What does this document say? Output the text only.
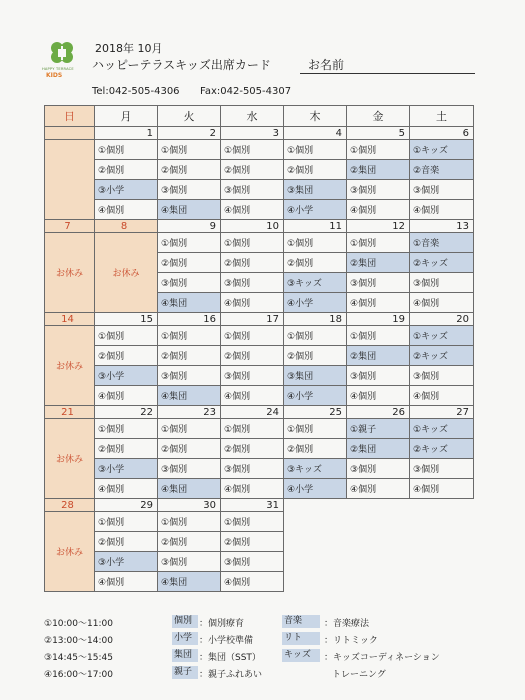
HAPPY TERRACE
KIDS
2018年 10月
ハッピーテラスキッズ出席カード	お名前
Tel:042-505-4306 Fax:042-505-4307
日	月	火	水	木	金	土
	1	2	3	4	5	6
	①個別	①個別	①個別	①個別	①個別	①キッズ
	②個別	②個別	②個別	②個別	②集団	②音楽
	③小学	③個別	③個別	③集団	③個別	③個別
	④個別	④集団	④個別	④小学	④個別	④個別
7	8	9	10	11	12	13
お休み	お休み	①個別	①個別	①個別	①個別	①音楽
		②個別	②個別	②個別	②集団	②キッズ
		③個別	③個別	③キッズ	③個別	③個別
		④集団	④個別	④小学	④個別	④個別
14	15	16	17	18	19	20
お休み	①個別	①個別	①個別	①個別	①個別	①キッズ
	②個別	②個別	②個別	②個別	②集団	②キッズ
	③小学	③個別	③個別	③集団	③個別	③個別
	④個別	④集団	④個別	④小学	④個別	④個別
21	22	23	24	25	26	27
お休み	①個別	①個別	①個別	①個別	①親子	①キッズ
	②個別	②個別	②個別	②個別	②集団	②キッズ
	③小学	③個別	③個別	③キッズ	③個別	③個別
	④個別	④集団	④個別	④小学	④個別	④個別
28	29	30	31			
お休み	①個別	①個別	①個別			
	②個別	②個別	②個別			
	③小学	③個別	③個別			
	④個別	④集団	④個別			
①10:00～11:00
②13:00～14:00
③14:45～15:45
④16:00～17:00
個別 ：個別療育
小学 ：小学校準備
集団 ：集団（SST）
親子 ：親子ふれあい
音楽	：音楽療法
リト	：リトミック
キッズ	：キッズコーディネーション
トレーニング
